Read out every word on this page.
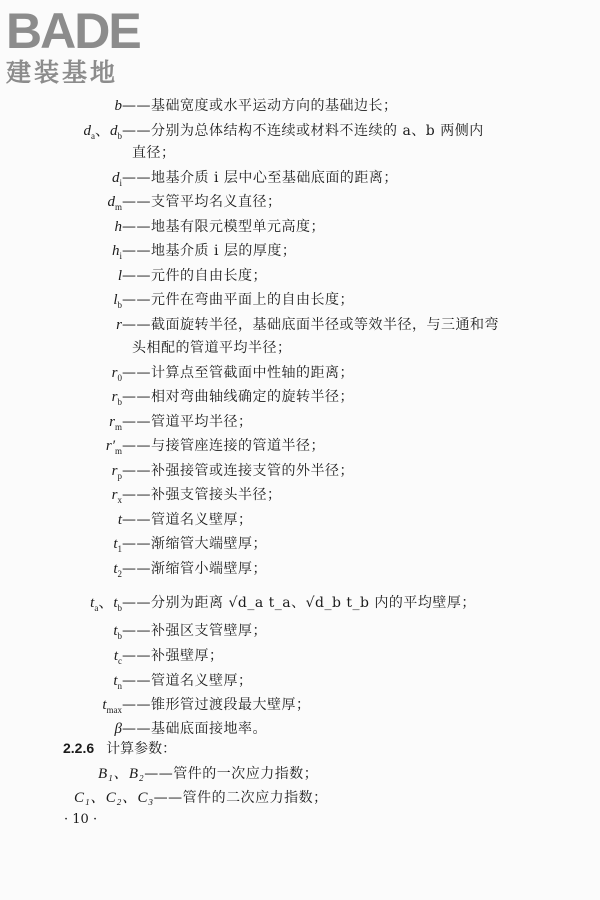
BADE
建装基地
b ——基础宽度或水平运动方向的基础边长；
$d_a$、$d_b$ ——分别为总体结构不连续或材料不连续的 a、b 两侧内
$d_i$ ——地基介质 i 层中心至基础底面的距离；
$d_m$ ——支管平均名义直径；
h ——地基有限元模型单元高度；
$h_i$ ——地基介质 i 层的厚度；
l ——元件的自由长度；
$l_b$ ——元件在弯曲平面上的自由长度；
r ——截面旋转半径，基础底面半径或等效半径，与三通和弯
$r_0$ ——计算点至管截面中性轴的距离；
$r_b$ ——相对弯曲轴线确定的旋转半径；
$r_m$ ——管道平均半径；
$r'_m$ ——与接管座连接的管道半径；
$r_p$ ——补强接管或连接支管的外半径；
$r_x$ ——补强支管接头半径；
t ——管道名义壁厚；
$t_1$ ——渐缩管大端壁厚；
$t_2$ ——渐缩管小端壁厚；
$t_a$、$t_b$ ——分别为距离 √d_a t_a、√d_b t_b 内的平均壁厚；
$t_b$ ——补强区支管壁厚；
$t_c$ ——补强壁厚；
$t_n$ ——管道名义壁厚；
$t_{max}$ ——锥形管过渡段最大壁厚；
β ——基础底面接地率。
直径；
头相配的管道平均半径；
2.2.6 计算参数：
B₁、B₂——管件的一次应力指数；
C₁、C₂、C₃——管件的二次应力指数；
· 10 ·
